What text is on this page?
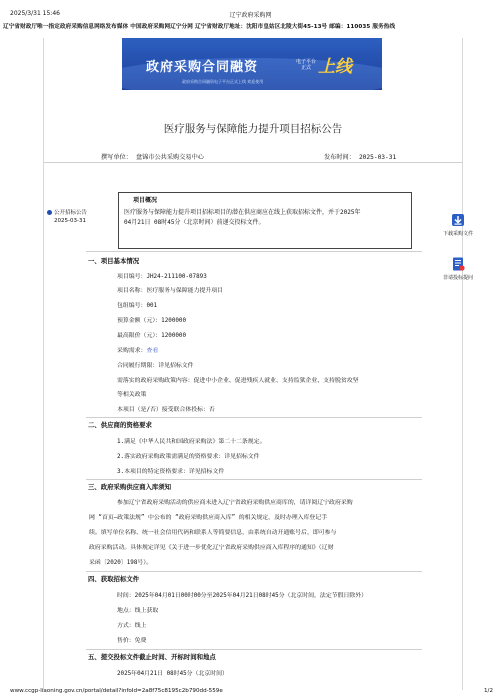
2025/3/31 15:46	辽宁政府采购网
辽宁省财政厅唯一指定政府采购信息网络发布媒体 中国政府采购网辽宁分网 辽宁省财政厅地址：沈阳市皇姑区北陵大街45-13号 邮编：110035 服务热线
政府采购合同融资	电子平台
正式 上线
政府采购合同融资电子平台正式上线 欢迎使用
医疗服务与保障能力提升项目招标公告
撰写单位： 盘锦市公共采购交易中心	发布时间： 2025-03-31
公开招标公告
2025-03-31
下载采购文件
非请投标提问
项目概况
医疗服务与保障能力提升项目招标项目的潜在供应商应在线上获取招标文件，并于2025年
04月21日 08时45分（北京时间）前递交投标文件。
一、项目基本情况
项目编号：JH24-211100-07893
项目名称：医疗服务与保障能力提升项目
包组编号：001
预算金额（元）：1200000
最高限价（元）：1200000
采购需求：查看
合同履行期限：详见招标文件
需落实的政府采购政策内容：促进中小企业、促进残疾人就业、支持监狱企业、支持脱贫攻坚
等相关政策
本项目（是/否）接受联合体投标：否
二、供应商的资格要求
1.满足《中华人民共和国政府采购法》第二十二条规定。
2.落实政府采购政策需满足的资格要求：详见招标文件
3.本项目的特定资格要求：详见招标文件
三、政府采购供应商入库须知
参加辽宁省政府采购活动的供应商未进入辽宁省政府采购供应商库的，请详阅辽宁政府采购
网 “首页—政策法规” 中公布的 “政府采购供应商入库” 的相关规定，及时办理入库登记手
续。填写单位名称、统一社会信用代码和联系人等简要信息，由系统自动开通账号后，即可参与
政府采购活动。具体规定详见《关于进一步优化辽宁省政府采购供应商入库程序的通知》（辽财
采函〔2020〕198号）。
四、获取招标文件
时间：2025年04月01日00时00分至2025年04月21日08时45分（北京时间，法定节假日除外）
地点：线上获取
方式：线上
售价：免费
五、提交投标文件截止时间、开标时间和地点
2025年04月21日 08时45分（北京时间）
www.ccgp-liaoning.gov.cn/portal/detail?infoId=2a8f75c8195c2b790dd-559e	1/2
